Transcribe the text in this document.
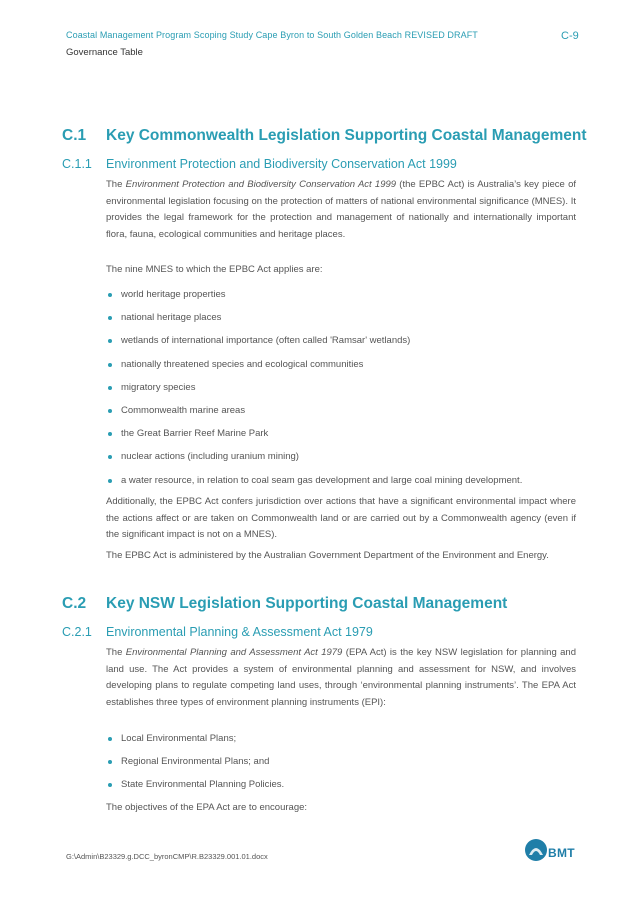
Coastal Management Program Scoping Study Cape Byron to South Golden Beach REVISED DRAFT	C-9
Governance Table
C.1 Key Commonwealth Legislation Supporting Coastal Management
C.1.1 Environment Protection and Biodiversity Conservation Act 1999
The Environment Protection and Biodiversity Conservation Act 1999 (the EPBC Act) is Australia’s key piece of environmental legislation focusing on the protection of matters of national environmental significance (MNES). It provides the legal framework for the protection and management of nationally and internationally important flora, fauna, ecological communities and heritage places.
The nine MNES to which the EPBC Act applies are:
world heritage properties
national heritage places
wetlands of international importance (often called 'Ramsar' wetlands)
nationally threatened species and ecological communities
migratory species
Commonwealth marine areas
the Great Barrier Reef Marine Park
nuclear actions (including uranium mining)
a water resource, in relation to coal seam gas development and large coal mining development.
Additionally, the EPBC Act confers jurisdiction over actions that have a significant environmental impact where the actions affect or are taken on Commonwealth land or are carried out by a Commonwealth agency (even if the significant impact is not on a MNES).
The EPBC Act is administered by the Australian Government Department of the Environment and Energy.
C.2 Key NSW Legislation Supporting Coastal Management
C.2.1 Environmental Planning & Assessment Act 1979
The Environmental Planning and Assessment Act 1979 (EPA Act) is the key NSW legislation for planning and land use. The Act provides a system of environmental planning and assessment for NSW, and involves developing plans to regulate competing land uses, through ‘environmental planning instruments’. The EPA Act establishes three types of environment planning instruments (EPI):
Local Environmental Plans;
Regional Environmental Plans; and
State Environmental Planning Policies.
The objectives of the EPA Act are to encourage:
G:\Admin\B23329.g.DCC_byronCMP\R.B23329.001.01.docx	BMT
